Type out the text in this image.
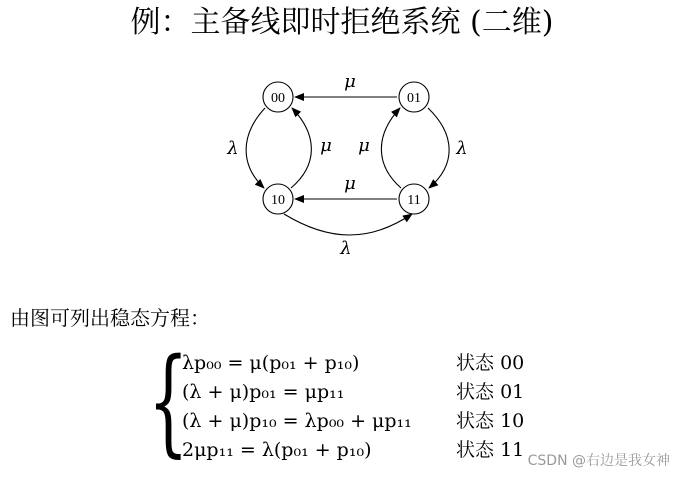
例：主备线即时拒绝系统 (二维)
00	01
10	11
μ
μ
λ	μ μ	λ
λ
由图可列出稳态方程：
{
λp₀₀ = μ(p₀₁ + p₁₀)	状态 00
(λ + μ)p₀₁ = μp₁₁	状态 01
(λ + μ)p₁₀ = λp₀₀ + μp₁₁ 状态 10
2μp₁₁ = λ(p₀₁ + p₁₀)	状态 11 CSDN @右边是我女神
